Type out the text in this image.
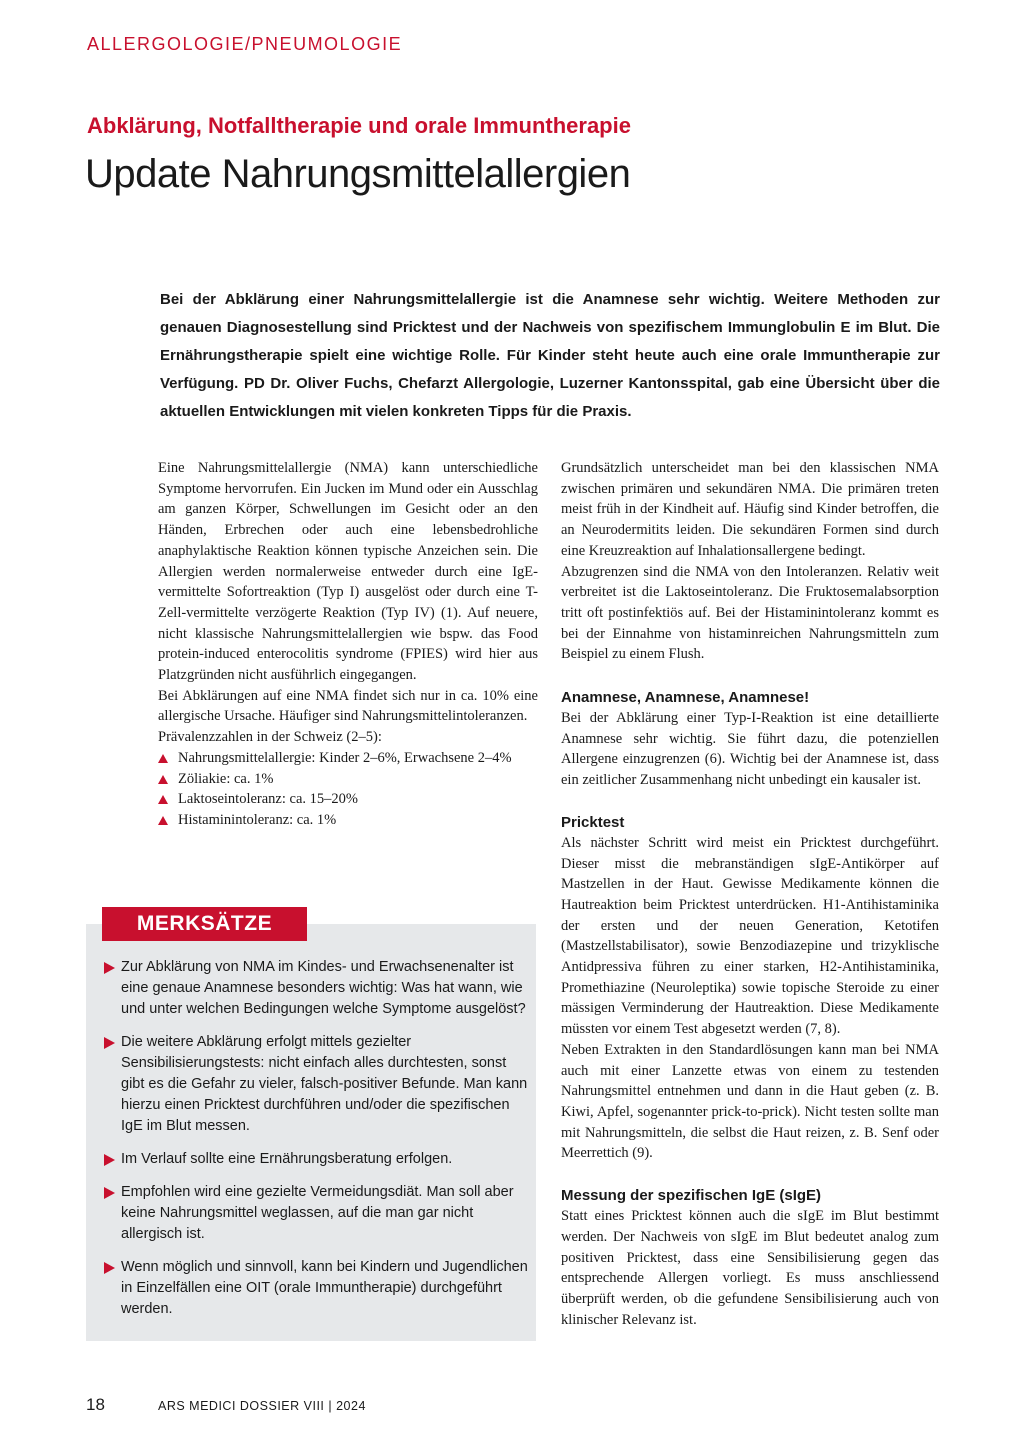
ALLERGOLOGIE/PNEUMOLOGIE
Abklärung, Notfalltherapie und orale Immuntherapie
Update Nahrungsmittelallergien
Bei der Abklärung einer Nahrungsmittelallergie ist die Anamnese sehr wichtig. Weitere Methoden zur genauen Diagnosestellung sind Pricktest und der Nachweis von spezifischem Immunglobulin E im Blut. Die Ernährungstherapie spielt eine wichtige Rolle. Für Kinder steht heute auch eine orale Immuntherapie zur Verfügung. PD Dr. Oliver Fuchs, Chefarzt Allergologie, Luzerner Kantonsspital, gab eine Übersicht über die aktuellen Entwicklungen mit vielen konkreten Tipps für die Praxis.

Eine Nahrungsmittelallergie (NMA) kann unterschiedliche Symptome hervorrufen. Ein Jucken im Mund oder ein Ausschlag am ganzen Körper, Schwellungen im Gesicht oder an den Händen, Erbrechen oder auch eine lebensbedrohliche anaphylaktische Reaktion können typische Anzeichen sein. Die Allergien werden normalerweise entweder durch eine IgE-vermittelte Sofortreaktion (Typ I) ausgelöst oder durch eine T-Zell-vermittelte verzögerte Reaktion (Typ IV) (1). Auf neuere, nicht klassische Nahrungsmittelallergien wie bspw. das Food protein-induced enterocolitis syndrome (FPIES) wird hier aus Platzgründen nicht ausführlich eingegangen.

Bei Abklärungen auf eine NMA findet sich nur in ca. 10% eine allergische Ursache. Häufiger sind Nahrungsmittelintoleranzen.

Prävalenzzahlen in der Schweiz (2–5):

Nahrungsmittelallergie: Kinder 2–6%, Erwachsene 2–4%
Zöliakie: ca. 1%
Laktoseintoleranz: ca. 15–20%
Histaminintoleranz: ca. 1%
MERKSÄTZE
Zur Abklärung von NMA im Kindes- und Erwachsenenalter ist eine genaue Anamnese besonders wichtig: Was hat wann, wie und unter welchen Bedingungen welche Symptome ausgelöst?
Die weitere Abklärung erfolgt mittels gezielter Sensibilisierungstests: nicht einfach alles durchtesten, sonst gibt es die Gefahr zu vieler, falsch-positiver Befunde. Man kann hierzu einen Pricktest durchführen und/oder die spezifischen IgE im Blut messen.
Im Verlauf sollte eine Ernährungsberatung erfolgen.
Empfohlen wird eine gezielte Vermeidungsdiät. Man soll aber keine Nahrungsmittel weglassen, auf die man gar nicht allergisch ist.
Wenn möglich und sinnvoll, kann bei Kindern und Jugendlichen in Einzelfällen eine OIT (orale Immuntherapie) durchgeführt werden.

Grundsätzlich unterscheidet man bei den klassischen NMA zwischen primären und sekundären NMA. Die primären treten meist früh in der Kindheit auf. Häufig sind Kinder betroffen, die an Neurodermitits leiden. Die sekundären Formen sind durch eine Kreuzreaktion auf Inhalationsallergene bedingt.

Abzugrenzen sind die NMA von den Intoleranzen. Relativ weit verbreitet ist die Laktoseintoleranz. Die Fruktosemalabsorption tritt oft postinfektiös auf. Bei der Histaminintoleranz kommt es bei der Einnahme von histaminreichen Nahrungsmitteln zum Beispiel zu einem Flush.

Anamnese, Anamnese, Anamnese!

Bei der Abklärung einer Typ-I-Reaktion ist eine detaillierte Anamnese sehr wichtig. Sie führt dazu, die potenziellen Allergene einzugrenzen (6). Wichtig bei der Anamnese ist, dass ein zeitlicher Zusammenhang nicht unbedingt ein kausaler ist.

Pricktest

Als nächster Schritt wird meist ein Pricktest durchgeführt. Dieser misst die mebranständigen sIgE-Antikörper auf Mastzellen in der Haut. Gewisse Medikamente können die Hautreaktion beim Pricktest unterdrücken. H1-Antihistaminika der ersten und der neuen Generation, Ketotifen (Mastzellstabilisator), sowie Benzodiazepine und trizyklische Antidpressiva führen zu einer starken, H2-Antihistaminika, Promethiazine (Neuroleptika) sowie topische Steroide zu einer mässigen Verminderung der Hautreaktion. Diese Medikamente müssten vor einem Test abgesetzt werden (7, 8).

Neben Extrakten in den Standardlösungen kann man bei NMA auch mit einer Lanzette etwas von einem zu testenden Nahrungsmittel entnehmen und dann in die Haut geben (z. B. Kiwi, Apfel, sogenannter prick-to-prick). Nicht testen sollte man mit Nahrungsmitteln, die selbst die Haut reizen, z. B. Senf oder Meerrettich (9).

Messung der spezifischen IgE (sIgE)

Statt eines Pricktest können auch die sIgE im Blut bestimmt werden. Der Nachweis von sIgE im Blut bedeutet analog zum positiven Pricktest, dass eine Sensibilisierung gegen das entsprechende Allergen vorliegt. Es muss anschliessend überprüft werden, ob die gefundene Sensibilisierung auch von klinischer Relevanz ist.

18	ARS MEDICI DOSSIER VIII | 2024
